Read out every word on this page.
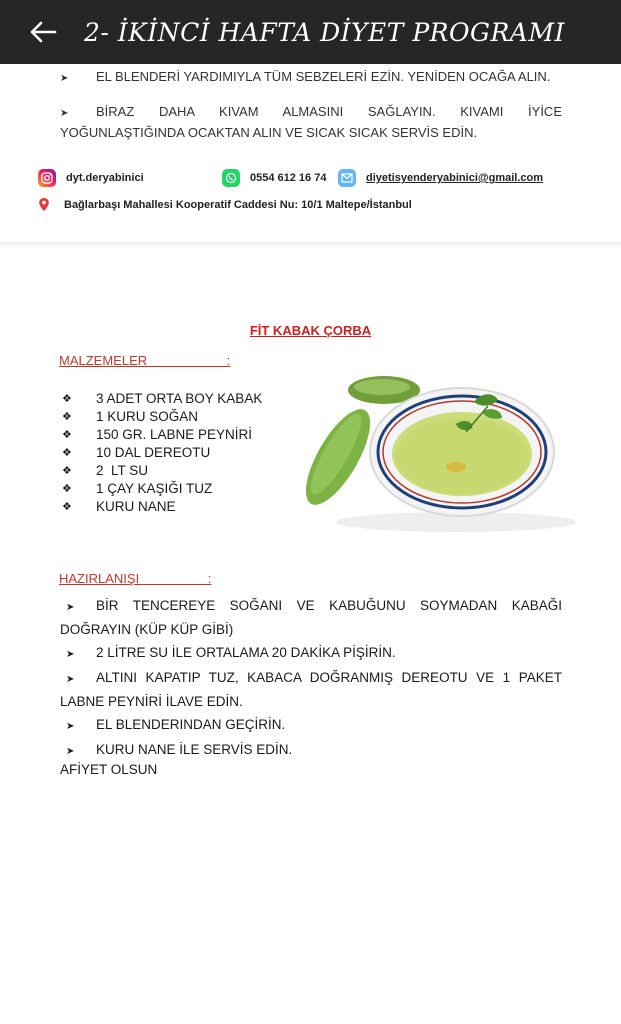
2- İKİNCİ HAFTA DİYET PROGRAMI
➤ EL BLENDERİ YARDIMIYLA TÜM SEBZELERİ EZİN. YENİDEN OCAĞA ALIN.
➤ BİRAZ DAHA KIVAM ALMASINI SAĞLAYIN. KIVAMI İYİCE YOĞUNLAŞTIĞINDA OCAKTAN ALIN VE SICAK SICAK SERVİS EDİN.
dyt.deryabinici	0554 612 16 74	diyetisyenderyabinici@gmail.com
Bağlarbaşı Mahallesi Kooperatif Caddesi Nu: 10/1 Maltepe/İstanbul
FİT KABAK ÇORBA
MALZEMELER                      :
❖	3 ADET ORTA BOY KABAK
❖	1 KURU SOĞAN
❖	150 GR. LABNE PEYNİRİ
❖	10 DAL DEREOTU
❖	2  LT SU
❖	1 ÇAY KAŞIĞI TUZ
❖	KURU NANE
HAZIRLANIŞI                   :
➤ BİR TENCEREYE SOĞANI VE KABUĞUNU SOYMADAN KABAĞI DOĞRAYIN (KÜP KÜP GİBİ)
➤ 2 LİTRE SU İLE ORTALAMA 20 DAKİKA PİŞİRİN.
➤ ALTINI KAPATIP TUZ, KABACA DOĞRANMIŞ DEREOTU VE 1 PAKET LABNE PEYNİRİ İLAVE EDİN.
➤ EL BLENDERINDAN GEÇİRİN.
➤ KURU NANE İLE SERVİS EDİN.
AFİYET OLSUN
